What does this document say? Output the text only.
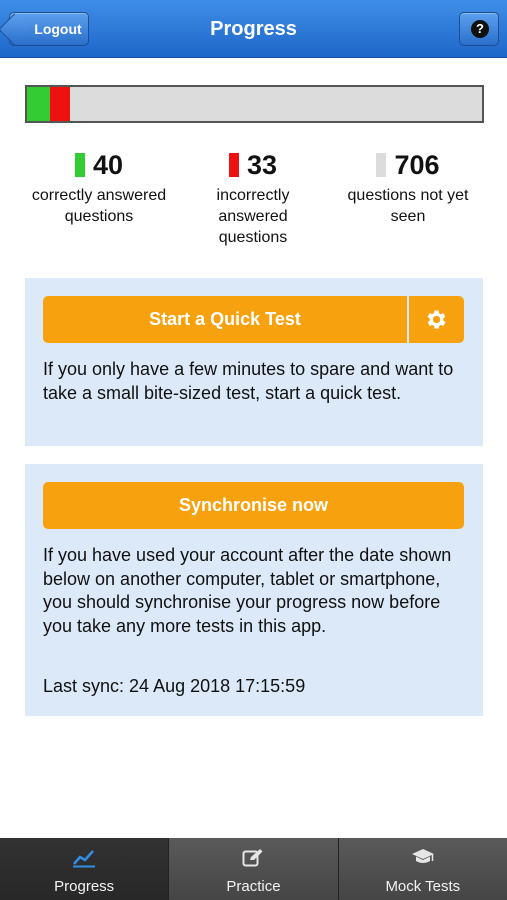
Progress
Logout	?
40
correctly answered questions
33
incorrectly answered questions
706
questions not yet seen
Start a Quick Test

If you only have a few minutes to spare and want to take a small bite-sized test, start a quick test.

Synchronise now

If you have used your account after the date shown below on another computer, tablet or smartphone, you should synchronise your progress now before you take any more tests in this app.

Last sync: 24 Aug 2018 17:15:59

Progress	Practice	Mock Tests
